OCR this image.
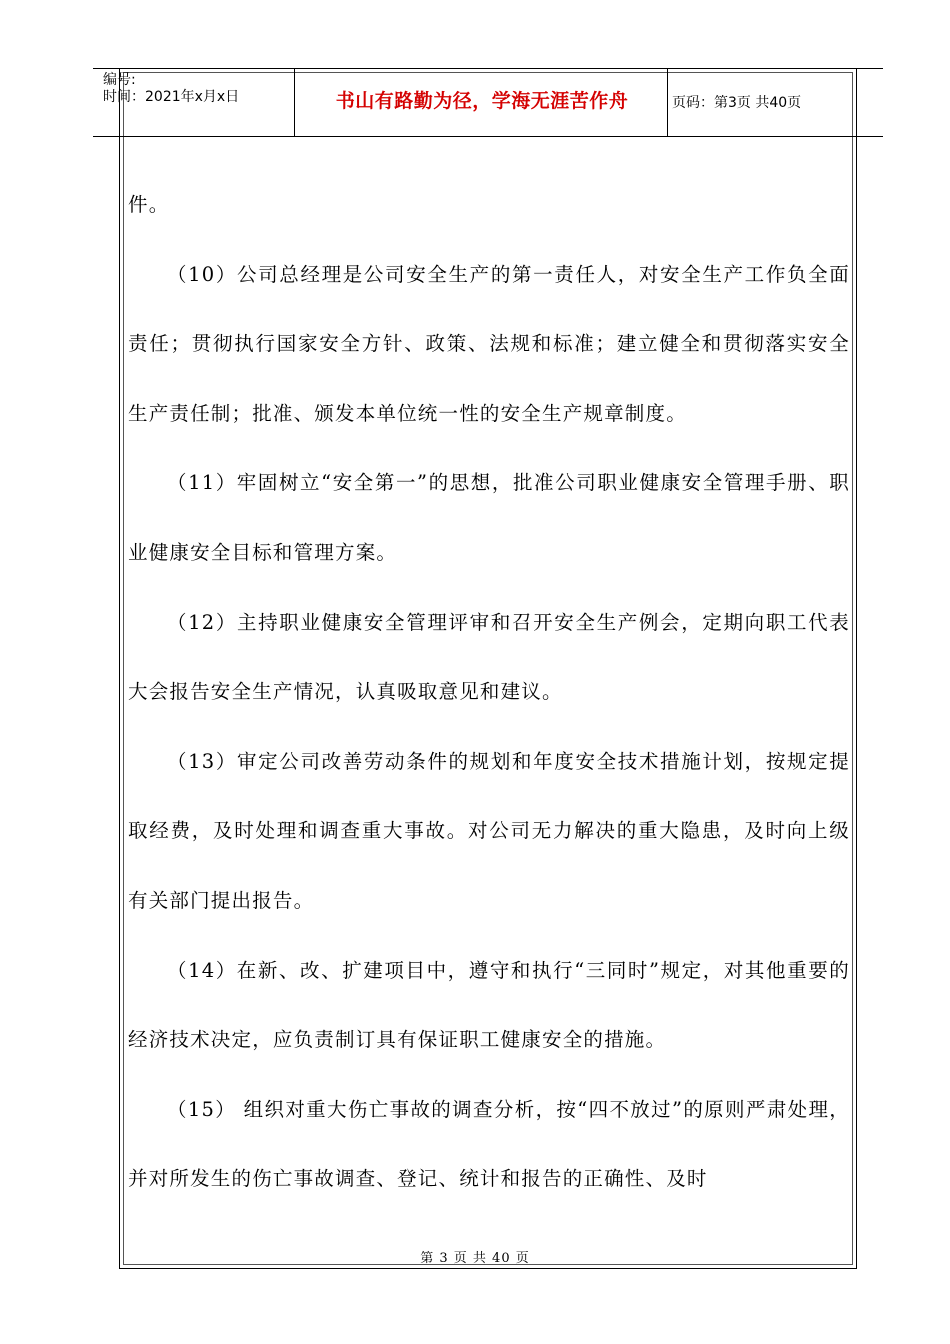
编号:
时间：2021年x月x日	书山有路勤为径，学海无涯苦作舟	页码：第3页 共40页

件。

（10）公司总经理是公司安全生产的第一责任人，对安全生产工作负全面责任；贯彻执行国家安全方针、政策、法规和标准；建立健全和贯彻落实安全生产责任制；批准、颁发本单位统一性的安全生产规章制度。

（11）牢固树立“安全第一”的思想，批准公司职业健康安全管理手册、职业健康安全目标和管理方案。

（12）主持职业健康安全管理评审和召开安全生产例会，定期向职工代表大会报告安全生产情况，认真吸取意见和建议。

（13）审定公司改善劳动条件的规划和年度安全技术措施计划，按规定提取经费，及时处理和调查重大事故。对公司无力解决的重大隐患，及时向上级有关部门提出报告。

（14）在新、改、扩建项目中，遵守和执行“三同时”规定，对其他重要的经济技术决定，应负责制订具有保证职工健康安全的措施。

（15） 组织对重大伤亡事故的调查分析，按“四不放过”的原则严肃处理，并对所发生的伤亡事故调查、登记、统计和报告的正确性、及时

第 3 页 共 40 页
